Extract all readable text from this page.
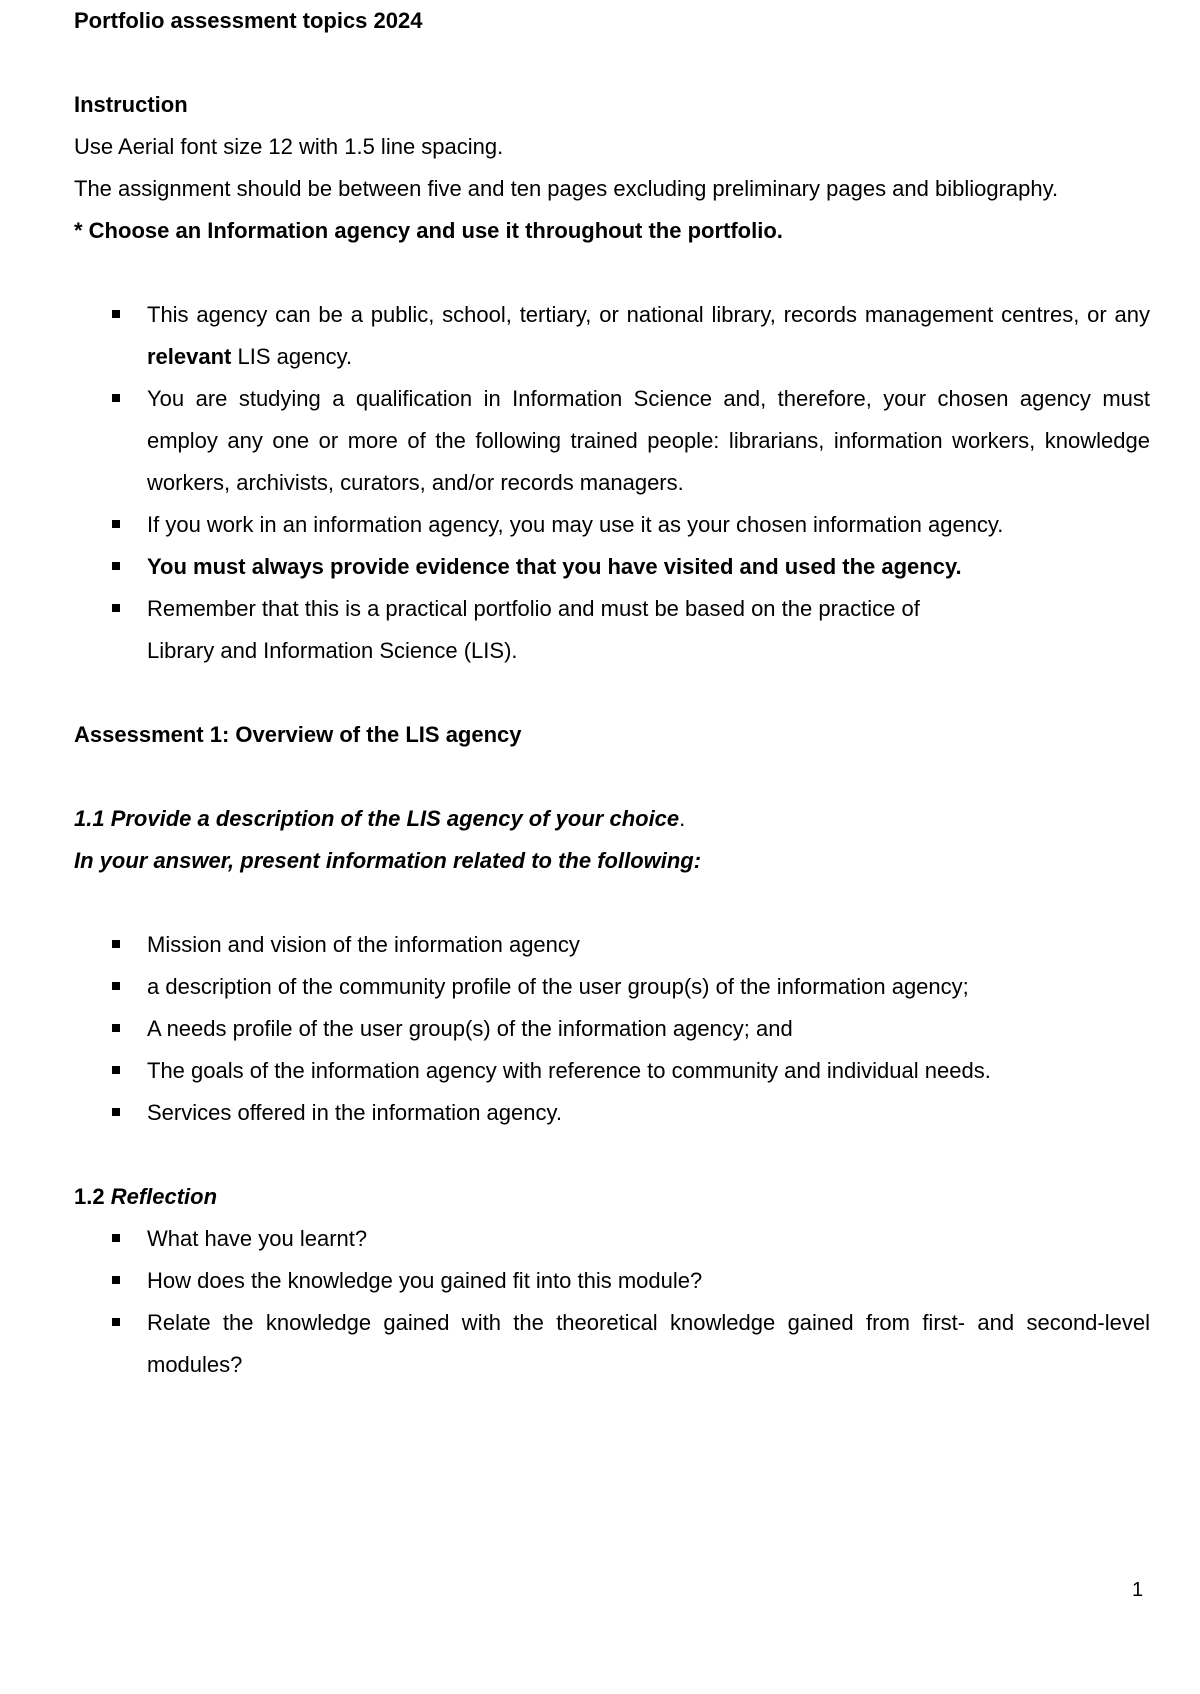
Portfolio assessment topics 2024
Instruction
Use Aerial font size 12 with 1.5 line spacing.
The assignment should be between five and ten pages excluding preliminary pages and bibliography.
* Choose an Information agency and use it throughout the portfolio.
This agency can be a public, school, tertiary, or national library, records management centres, or any relevant LIS agency.
You are studying a qualification in Information Science and, therefore, your chosen agency must employ any one or more of the following trained people: librarians, information workers, knowledge workers, archivists, curators, and/or records managers.
If you work in an information agency, you may use it as your chosen information agency.
You must always provide evidence that you have visited and used the agency.
Remember that this is a practical portfolio and must be based on the practice of
Library and Information Science (LIS).
Assessment 1: Overview of the LIS agency
1.1 Provide a description of the LIS agency of your choice.
In your answer, present information related to the following:
Mission and vision of the information agency
a description of the community profile of the user group(s) of the information agency;
A needs profile of the user group(s) of the information agency; and
The goals of the information agency with reference to community and individual needs.
Services offered in the information agency.
1.2 Reflection
What have you learnt?
How does the knowledge you gained fit into this module?
Relate the knowledge gained with the theoretical knowledge gained from first- and second-level modules?
1
